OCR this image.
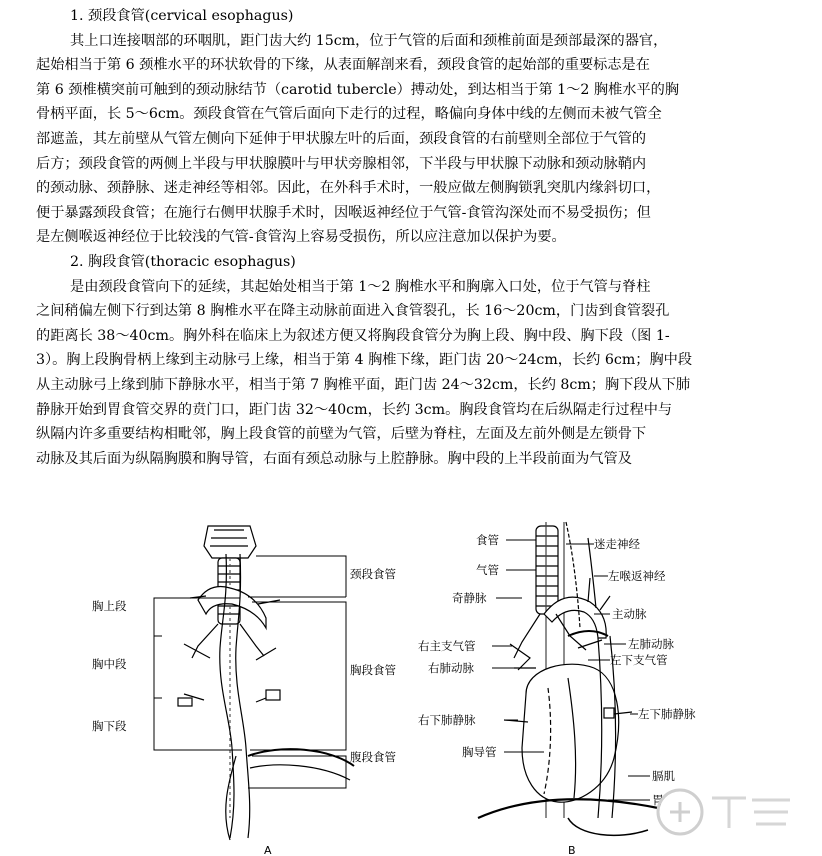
1. 颈段食管(cervical esophagus)
其上口连接咽部的环咽肌，距门齿大约 15cm，位于气管的后面和颈椎前面是颈部最深的器官，
起始相当于第 6 颈椎水平的环状软骨的下缘，从表面解剖来看，颈段食管的起始部的重要标志是在
第 6 颈椎横突前可触到的颈动脉结节（carotid tubercle）搏动处，到达相当于第 1～2 胸椎水平的胸
骨柄平面，长 5～6cm。颈段食管在气管后面向下走行的过程，略偏向身体中线的左侧而未被气管全
部遮盖，其左前壁从气管左侧向下延伸于甲状腺左叶的后面，颈段食管的右前壁则全部位于气管的
后方；颈段食管的两侧上半段与甲状腺膜叶与甲状旁腺相邻，下半段与甲状腺下动脉和颈动脉鞘内
的颈动脉、颈静脉、迷走神经等相邻。因此，在外科手术时，一般应做左侧胸锁乳突肌内缘斜切口，
便于暴露颈段食管；在施行右侧甲状腺手术时，因喉返神经位于气管-食管沟深处而不易受损伤；但
是左侧喉返神经位于比较浅的气管-食管沟上容易受损伤，所以应注意加以保护为要。
2. 胸段食管(thoracic esophagus)
是由颈段食管向下的延续，其起始处相当于第 1～2 胸椎水平和胸廓入口处，位于气管与脊柱
之间稍偏左侧下行到达第 8 胸椎水平在降主动脉前面进入食管裂孔，长 16～20cm，门齿到食管裂孔
的距离长 38～40cm。胸外科在临床上为叙述方便又将胸段食管分为胸上段、胸中段、胸下段（图 1-
3）。胸上段胸骨柄上缘到主动脉弓上缘，相当于第 4 胸椎下缘，距门齿 20～24cm，长约 6cm；胸中段
从主动脉弓上缘到肺下静脉水平，相当于第 7 胸椎平面，距门齿 24～32cm，长约 8cm；胸下段从下肺
静脉开始到胃食管交界的贲门口，距门齿 32～40cm，长约 3cm。胸段食管均在后纵隔走行过程中与
纵隔内许多重要结构相毗邻，胸上段食管的前壁为气管，后壁为脊柱，左面及左前外侧是左锁骨下
动脉及其后面为纵隔胸膜和胸导管，右面有颈总动脉与上腔静脉。胸中段的上半段前面为气管及
胸上段
胸中段
胸下段
颈段食管
胸段食管
腹段食管
A
食管
气管
奇静脉
右主支气管
右肺动脉
右下肺静脉
胸导管
迷走神经
左喉返神经
主动脉
左肺动脉
左下支气管
左下肺静脉
膈肌
胃
B
